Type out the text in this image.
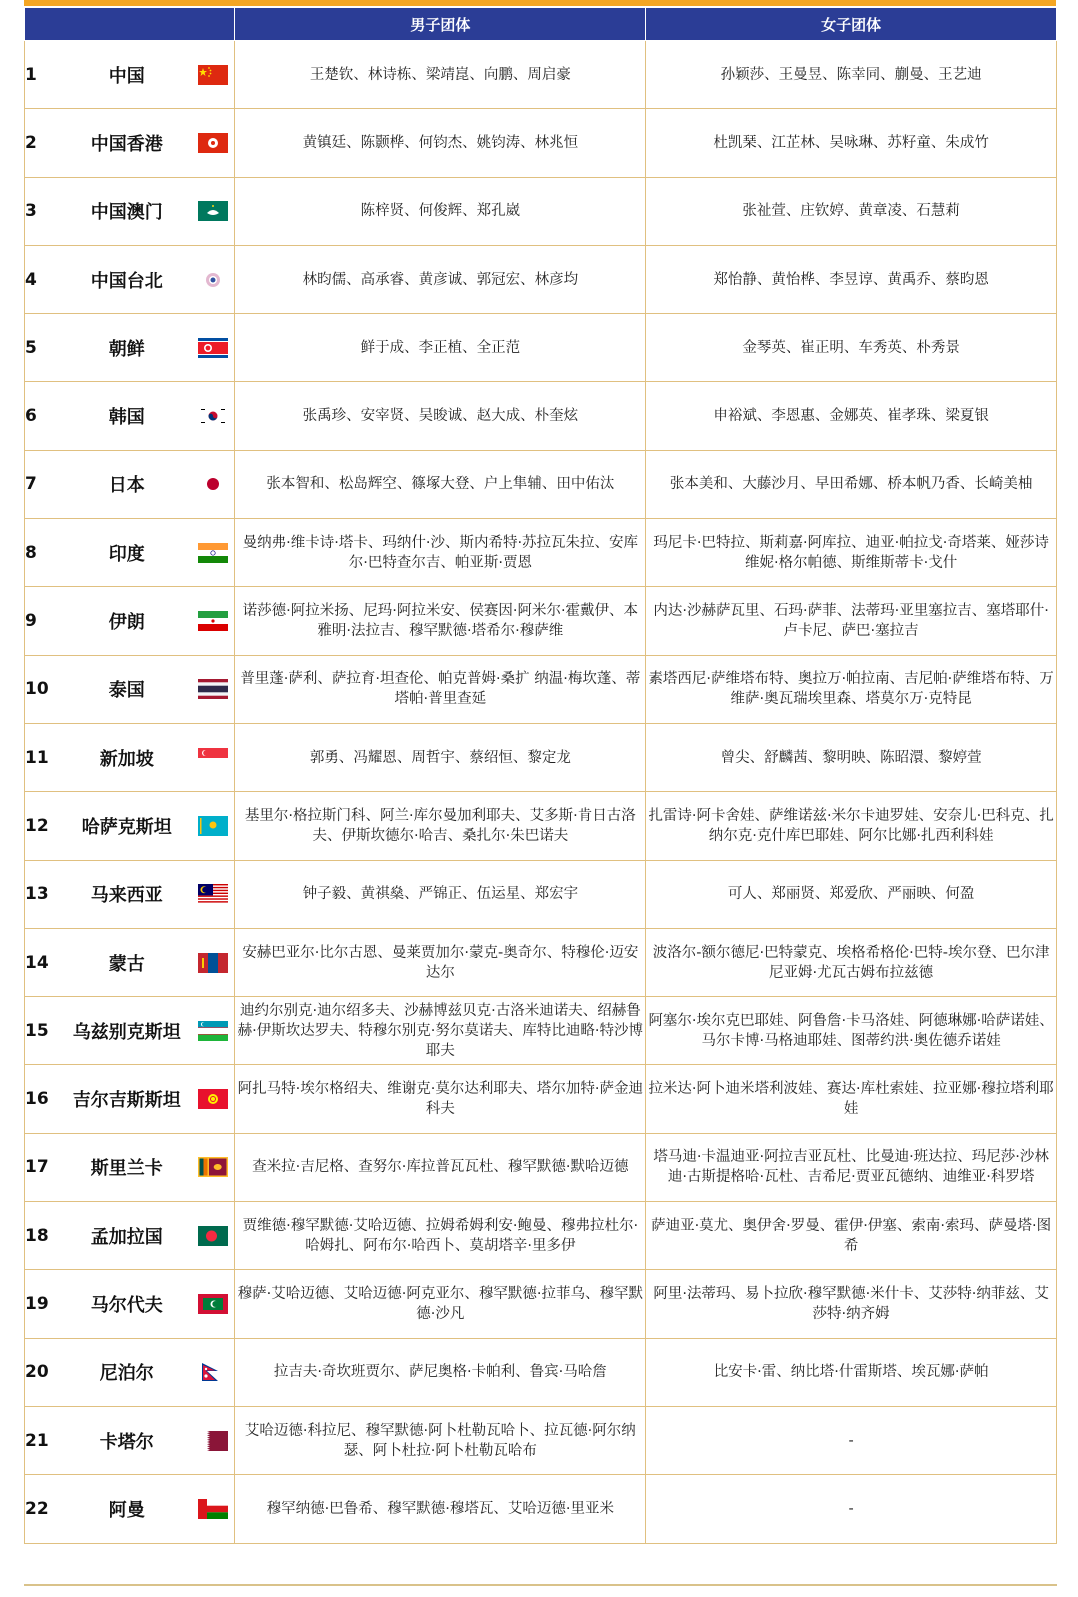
		男子团体	女子团体
1	中国	王楚钦、林诗栋、梁靖崑、向鹏、周启豪	孙颖莎、王曼昱、陈幸同、蒯曼、王艺迪
2	中国香港	黄镇廷、陈颢桦、何钧杰、姚钧涛、林兆恒	杜凯琹、江芷林、吴咏琳、苏籽童、朱成竹
3	中国澳门	陈梓贤、何俊辉、郑孔崴	张祉萱、庄钦婷、黄章凌、石慧莉
4	中国台北	林昀儒、高承睿、黄彦诚、郭冠宏、林彦均	郑怡静、黄怡桦、李昱谆、黄禹乔、蔡昀恩
5	朝鲜	鲜于成、李正植、全正范	金琴英、崔正明、车秀英、朴秀景
6	韩国	张禹珍、安宰贤、吴晙诚、赵大成、朴奎炫	申裕斌、李恩惠、金娜英、崔孝珠、梁夏银
7	日本	张本智和、松岛辉空、篠塚大登、户上隼辅、田中佑汰	张本美和、大藤沙月、早田希娜、桥本帆乃香、长崎美柚
8	印度	曼纳弗·维卡诗·塔卡、玛纳什·沙、斯内希特·苏拉瓦朱拉、安库尔·巴特查尔吉、帕亚斯·贾恩	玛尼卡·巴特拉、斯莉嘉·阿库拉、迪亚·帕拉戈·奇塔莱、娅莎诗维妮·格尔帕德、斯维斯蒂卡·戈什
9	伊朗	诺莎德·阿拉米扬、尼玛·阿拉米安、侯赛因·阿米尔·霍戴伊、本雅明·法拉吉、穆罕默德·塔希尔·穆萨维	内达·沙赫萨瓦里、石玛·萨菲、法蒂玛·亚里塞拉吉、塞塔耶什·卢卡尼、萨巴·塞拉吉
10	泰国	普里蓬·萨利、萨拉育·坦查伦、帕克普姆·桑扩 纳温·梅坎蓬、蒂塔帕·普里查延	素塔西尼·萨维塔布特、奥拉万·帕拉南、吉尼帕·萨维塔布特、万维萨·奥瓦瑞埃里森、塔莫尔万·克特昆
11	新加坡	郭勇、冯耀恩、周哲宇、蔡绍恒、黎定龙	曾尖、舒麟茜、黎明映、陈昭澴、黎婷萱
12	哈萨克斯坦	基里尔·格拉斯门科、阿兰·库尔曼加利耶夫、艾多斯·肯日古洛夫、伊斯坎德尔·哈吉、桑扎尔·朱巴诺夫	扎雷诗·阿卡舍娃、萨维诺兹·米尔卡迪罗娃、安奈儿·巴科克、扎纳尔克·克什库巴耶娃、阿尔比娜·扎西利科娃
13	马来西亚	钟子毅、黄祺燊、严锦正、伍运星、郑宏宇	可人、郑丽贤、郑爱欣、严丽映、何盈
14	蒙古	安赫巴亚尔·比尔古恩、曼莱贾加尔·蒙克-奥奇尔、特穆伦·迈安达尔	波洛尔-额尔德尼·巴特蒙克、埃格希格伦·巴特-埃尔登、巴尔津尼亚姆·尤瓦古姆布拉兹德
15	乌兹别克斯坦	迪约尔别克·迪尔绍多夫、沙赫博兹贝克·古洛米迪诺夫、绍赫鲁赫·伊斯坎达罗夫、特穆尔别克·努尔莫诺夫、库特比迪略·特沙博耶夫	阿塞尔·埃尔克巴耶娃、阿鲁詹·卡马洛娃、阿德琳娜·哈萨诺娃、马尔卡博·马格迪耶娃、图蒂约洪·奥佐德乔诺娃
16	吉尔吉斯斯坦	阿扎马特·埃尔格绍夫、维谢克·莫尔达利耶夫、塔尔加特·萨金迪科夫	拉米达·阿卜迪米塔利波娃、赛达·库杜索娃、拉亚娜·穆拉塔利耶娃
17	斯里兰卡	查米拉·吉尼格、查努尔·库拉普瓦瓦杜、穆罕默德·默哈迈德	塔马迪·卡温迪亚·阿拉吉亚瓦杜、比曼迪·班达拉、玛尼莎·沙林迪·古斯提格哈·瓦杜、吉希尼·贾亚瓦德纳、迪维亚·科罗塔
18	孟加拉国	贾维德·穆罕默德·艾哈迈德、拉姆希姆利安·鲍曼、穆弗拉杜尔·哈姆扎、阿布尔·哈西卜、莫胡塔辛·里多伊	萨迪亚·莫尤、奥伊舍·罗曼、霍伊·伊塞、索南·索玛、萨曼塔·图希
19	马尔代夫	穆萨·艾哈迈德、艾哈迈德·阿克亚尔、穆罕默德·拉菲乌、穆罕默德·沙凡	阿里·法蒂玛、易卜拉欣·穆罕默德·米什卡、艾莎特·纳菲兹、艾莎特·纳齐姆
20	尼泊尔	拉吉夫·奇坎班贾尔、萨尼奥格·卡帕利、鲁宾·马哈詹	比安卡·雷、纳比塔·什雷斯塔、埃瓦娜·萨帕
21	卡塔尔	艾哈迈德·科拉尼、穆罕默德·阿卜杜勒瓦哈卜、拉瓦德·阿尔纳瑟、阿卜杜拉·阿卜杜勒瓦哈布	-
22	阿曼	穆罕纳德·巴鲁希、穆罕默德·穆塔瓦、艾哈迈德·里亚米	-
